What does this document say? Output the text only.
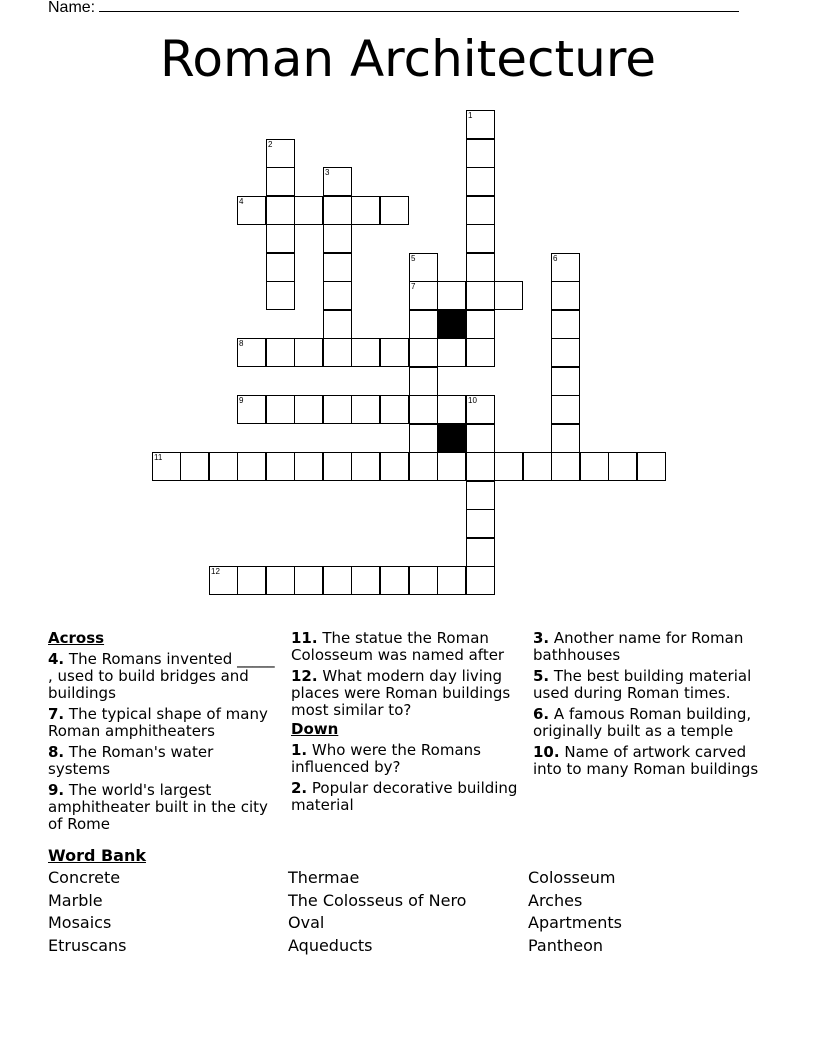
Name:
Roman Architecture
1
2
3
4
5	6
7
8
9	10
11
12
Across
4. The Romans invented _____ , used to build bridges and buildings
7. The typical shape of many Roman amphitheaters
8. The Roman's water systems
9. The world's largest amphitheater built in the city of Rome
11. The statue the Roman Colosseum was named after
12. What modern day living places were Roman buildings most similar to?
Down
1. Who were the Romans influenced by?
2. Popular decorative building material
3. Another name for Roman bathhouses
5. The best building material used during Roman times.
6. A famous Roman building, originally built as a temple
10. Name of artwork carved into to many Roman buildings
Word Bank
Concrete	Thermae	Colosseum
Marble	The Colosseus of Nero	Arches
Mosaics	Oval	Apartments
Etruscans	Aqueducts	Pantheon
